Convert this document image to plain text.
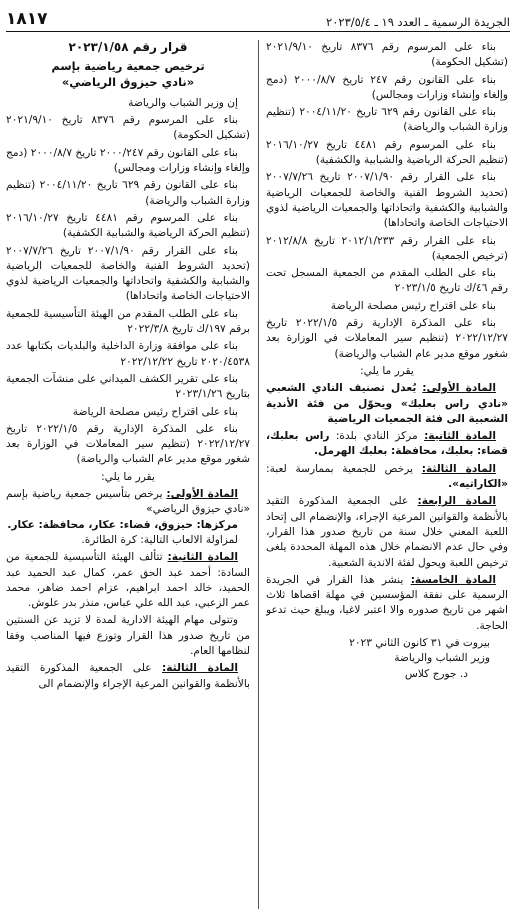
الجريدة الرسمية ـ العدد ١٩ ـ ٢٠٢٣/٥/٤
١٨١٧

بناء على المرسوم رقم ٨٣٧٦ تاريخ ٢٠٢١/٩/١٠ (تشكيل الحكومة)

بناء على القانون رقم ٢٤٧ تاريخ ٢٠٠٠/٨/٧ (دمج وإلغاء وإنشاء وزارات ومجالس)

بناء على القانون رقم ٦٢٩ تاريخ ٢٠٠٤/١١/٢٠ (تنظيم وزارة الشباب والرياضة)

بناء على المرسوم رقم ٤٤٨١ تاريخ ٢٠١٦/١٠/٢٧ (تنظيم الحركة الرياضية والشبابية والكشفية)

بناء على القرار رقم ٢٠٠٧/١/٩٠ تاريخ ٢٠٠٧/٧/٢٦ (تحديد الشروط الفنية والخاصة للجمعيات الرياضية والشبابية والكشفية واتحاداتها والجمعيات الرياضية لذوي الاحتياجات الخاصة واتحاداها)

بناء على القرار رقم ٢٠١٢/١/٢٣٣ تاريخ ٢٠١٢/٨/٨ (ترخيص الجمعية)

بناء على الطلب المقدم من الجمعية المسجل تحت رقم ٤٦/ك تاريخ ٢٠٢٣/١/٥

بناء على اقتراح رئيس مصلحة الرياضة

بناء على المذكرة الإدارية رقم ٢٠٢٢/١/٥ تاريخ ٢٠٢٢/١٢/٢٧ (تنظيم سير المعاملات في الوزارة بعد شغور موقع مدير عام الشباب والرياضة)

يقرر ما يلي:

المادة الأولى: يُعدل تصنيف النادي الشعبي «نادي راس بعلبك» ويحوّل من فئة الأندية الشعبية الى فئة الجمعيات الرياضية

المادة الثانية: مركز النادي بلدة: راس بعلبك، قضاء: بعلبك، محافظة: بعلبك الهرمل.

المادة الثالثة: يرخص للجمعية بممارسة لعبة: «الكاراتيه».

المادة الرابعة: على الجمعية المذكورة التقيد بالأنظمة والقوانين المرعية الإجراء، والإنضمام الى إتحاد اللعبة المعني خلال سنة من تاريخ صدور هذا القرار، وفي حال عدم الانضمام خلال هذه المهلة المحددة يلغى ترخيص اللعبة ويحول لفئة الاندية الشعبية.

المادة الخامسة: ينشر هذا القرار في الجريدة الرسمية على نفقة المؤسسين في مهلة اقصاها ثلاث اشهر من تاريخ صدوره والا اعتبر لاغيا، ويبلغ حيث تدعو الحاجة.

بيروت في ٣١ كانون الثاني ٢٠٢٣

وزير الشباب والرياضة

د. جورج كلاس

قرار رقم ٢٠٢٣/١/٥٨
ترخيص جمعية رياضية بإسم
«نادي حيزوق الرياضي»

إن وزير الشباب والرياضة

بناء على المرسوم رقم ٨٣٧٦ تاريخ ٢٠٢١/٩/١٠ (تشكيل الحكومة)

بناء على القانون رقم ٢٠٠٠/٢٤٧ تاريخ ٢٠٠٠/٨/٧ (دمج وإلغاء وإنشاء وزارات ومجالس)

بناء على القانون رقم ٦٢٩ تاريخ ٢٠٠٤/١١/٢٠ (تنظيم وزارة الشباب والرياضة)

بناء على المرسوم رقم ٤٤٨١ تاريخ ٢٠١٦/١٠/٢٧ (تنظيم الحركة الرياضية والشبابية الكشفية)

بناء على القرار رقم ٢٠٠٧/١/٩٠ تاريخ ٢٠٠٧/٧/٢٦ (تحديد الشروط الفنية والخاصة للجمعيات الرياضية والشبابية والكشفية واتحاداتها والجمعيات الرياضية لذوي الاحتياجات الخاصة واتحاداها)

بناء على الطلب المقدم من الهيئة التأسيسية للجمعية برقم ١٩٧/ك تاريخ ٢٠٢٢/٣/٨

بناء على موافقة وزارة الداخلية والبلديات بكتابها عدد ٢٠٢٠/٤٥٣٨ تاريخ ٢٠٢٢/١٢/٢٢

بناء على تقرير الكشف الميداني على منشآت الجمعية بتاريخ ٢٠٢٣/١/٢٦

بناء على اقتراح رئيس مصلحة الرياضة

بناء على المذكرة الإدارية رقم ٢٠٢٢/١/٥ تاريخ ٢٠٢٢/١٢/٢٧ (تنظيم سير المعاملات في الوزارة بعد شغور موقع مدير عام الشباب والرياضة)

يقرر ما يلي:

المادة الأولى: يرخص بتأسيس جمعية رياضية بإسم «نادي حيزوق الرياضي»

مركزها: حيزوق، قضاء: عكار، محافظة: عكار.

لمزاولة الالعاب التالية: كرة الطائرة.

المادة الثانية: تتألف الهيئة التأسيسية للجمعية من السادة: أحمد عبد الحق عمر، كمال عبد الحميد عبد الحميد، خالد احمد ابراهيم، عزام احمد ضاهر، محمد عمر الزعبي، عبد الله علي عباس، منذر بدر علوش.

وتتولى مهام الهيئة الادارية لمدة لا تزيد عن السنتين من تاريخ صدور هذا القرار وتوزع فيها المناصب وفقا لنظامها العام.

المادة الثالثة: على الجمعية المذكورة التقيد بالأنظمة والقوانين المرعية الإجراء والإنضمام الى
